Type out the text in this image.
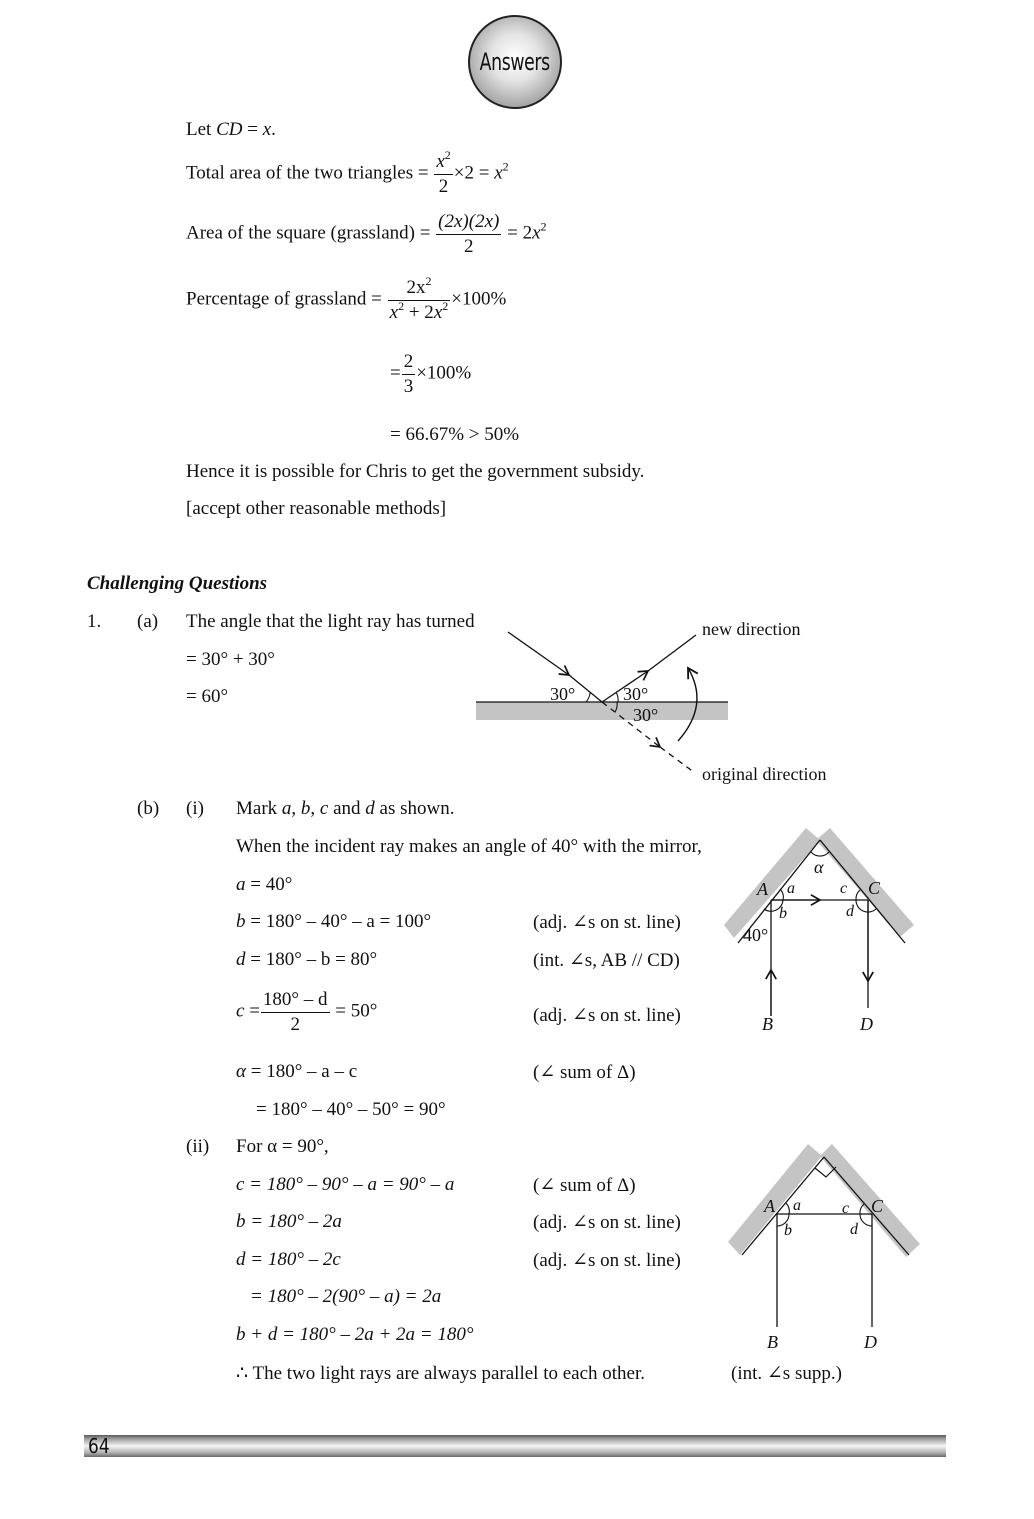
Answers
Let CD = x.
Total area of the two triangles = $\frac{x^2}{2} \times 2 = x^2$
Area of the square (grassland) = $\frac{(2x)(2x)}{2} = 2x^2$
Percentage of grassland = $\frac{2x^2}{x^2 + 2x^2} \times 100\%$
= $\frac{2}{3} \times 100\%$
= 66.67% > 50%
Hence it is possible for Chris to get the government subsidy.
[accept other reasonable methods]
Challenging Questions
1. (a) The angle that the light ray has turned
= 30° + 30°
= 60°	30°	30°
30°
new direction
original direction
(b) (i) Mark a, b, c and d as shown.
When the incident ray makes an angle of 40° with the mirror,
a = 40°
b = 180° – 40° – a = 100°	(adj. ∠s on st. line)
d = 180° – b = 80°	(int. ∠s, AB // CD)
$c = \frac{180^\circ - d}{2} = 50^\circ$	(adj. ∠s on st. line)
α = 180° – a – c	(∠ sum of Δ)
= 180° – 40° – 50° = 90°
α
A a
b
c
d
C
40°
B	D
(ii) For α = 90°,
c = 180° – 90° – a = 90° – a	(∠ sum of Δ)
b = 180° – 2a	(adj. ∠s on st. line)
d = 180° – 2c	(adj. ∠s on st. line)
= 180° – 2(90° – a) = 2a
b + d = 180° – 2a + 2a = 180°
∴ The two light rays are always parallel to each other.	(int. ∠s supp.)
A a
b
c
d
C
B	D
64
